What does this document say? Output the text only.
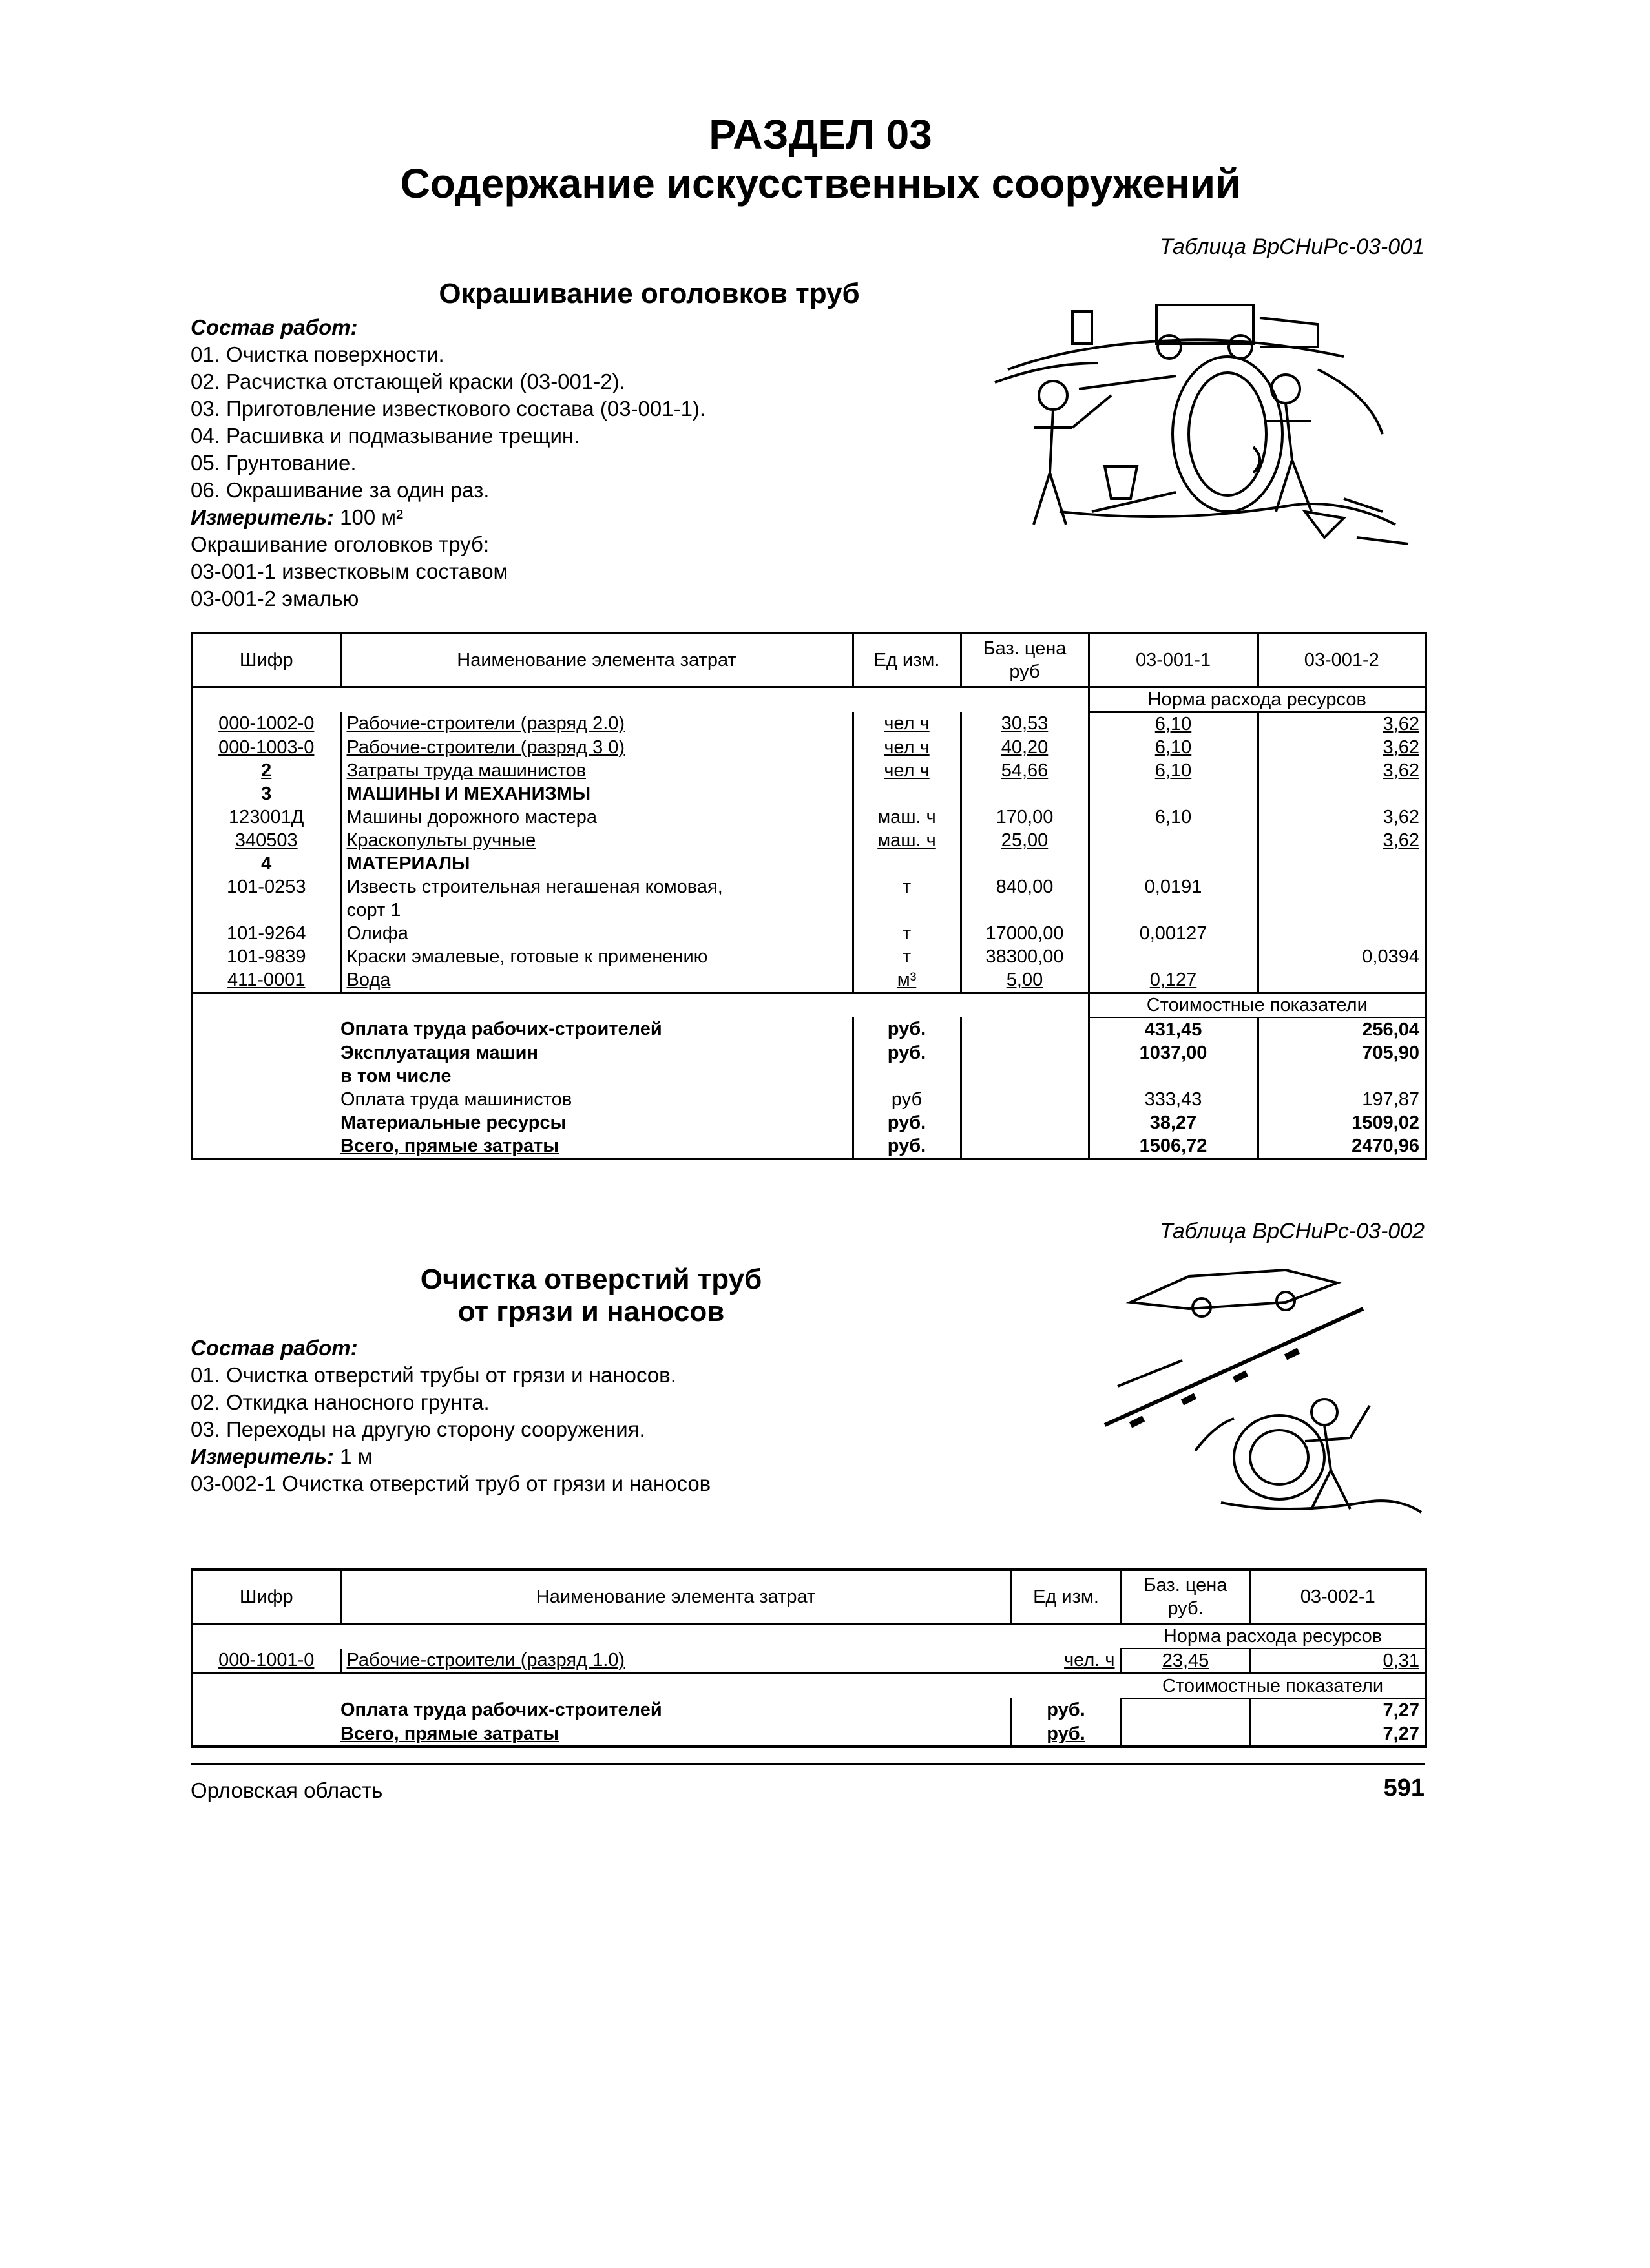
РАЗДЕЛ 03
Содержание искусственных сооружений
Таблица ВрСНиРс-03-001
Окрашивание оголовков труб
Состав работ:
01. Очистка поверхности.
02. Расчистка отстающей краски (03-001-2).
03. Приготовление известкового состава (03-001-1).
04. Расшивка и подмазывание трещин.
05. Грунтование.
06. Окрашивание за один раз.
Измеритель: 100 м²
Окрашивание оголовков труб:
03-001-1 известковым составом
03-001-2 эмалью
Шифр	Наименование элемента затрат	Ед изм.	Баз. цена руб	03-001-1	03-001-2
				Норма расхода ресурсов	
000-1002-0	Рабочие-строители (разряд 2.0)	чел ч	30,53	6,10	3,62
000-1003-0	Рабочие-строители (разряд 3 0)	чел ч	40,20	6,10	3,62
2	Затраты труда машинистов	чел ч	54,66	6,10	3,62
3	МАШИНЫ И МЕХАНИЗМЫ				
123001Д	Машины дорожного мастера	маш. ч	170,00	6,10	3,62
340503	Краскопульты ручные	маш. ч	25,00		3,62
4	МАТЕРИАЛЫ				
101-0253	Известь строительная негашеная комовая,	т	840,00	0,0191	
	сорт 1				
101-9264	Олифа	т	17000,00	0,00127	
101-9839	Краски эмалевые, готовые к применению	т	38300,00		0,0394
411-0001	Вода	м³	5,00	0,127	
				Стоимостные показатели	
	Оплата труда рабочих-строителей	руб.		431,45	256,04
	Эксплуатация машин	руб.		1037,00	705,90
	в том числе				
	Оплата труда машинистов	руб		333,43	197,87
	Материальные ресурсы	руб.		38,27	1509,02
	Всего, прямые затраты	руб.		1506,72	2470,96
Таблица ВрСНиРс-03-002
Очистка отверстий труб
от грязи и наносов
Состав работ:
01. Очистка отверстий трубы от грязи и наносов.
02. Откидка наносного грунта.
03. Переходы на другую сторону сооружения.
Измеритель: 1 м
03-002-1 Очистка отверстий труб от грязи и наносов
Шифр	Наименование элемента затрат	Ед изм.	Баз. цена руб.	03-002-1
			Норма расхода ресурсов	
000-1001-0	Рабочие-строители (разряд 1.0)	чел. ч	23,45	0,31
			Стоимостные показатели	
	Оплата труда рабочих-строителей	руб.		7,27
	Всего, прямые затраты	руб.		7,27
Орловская область	591
